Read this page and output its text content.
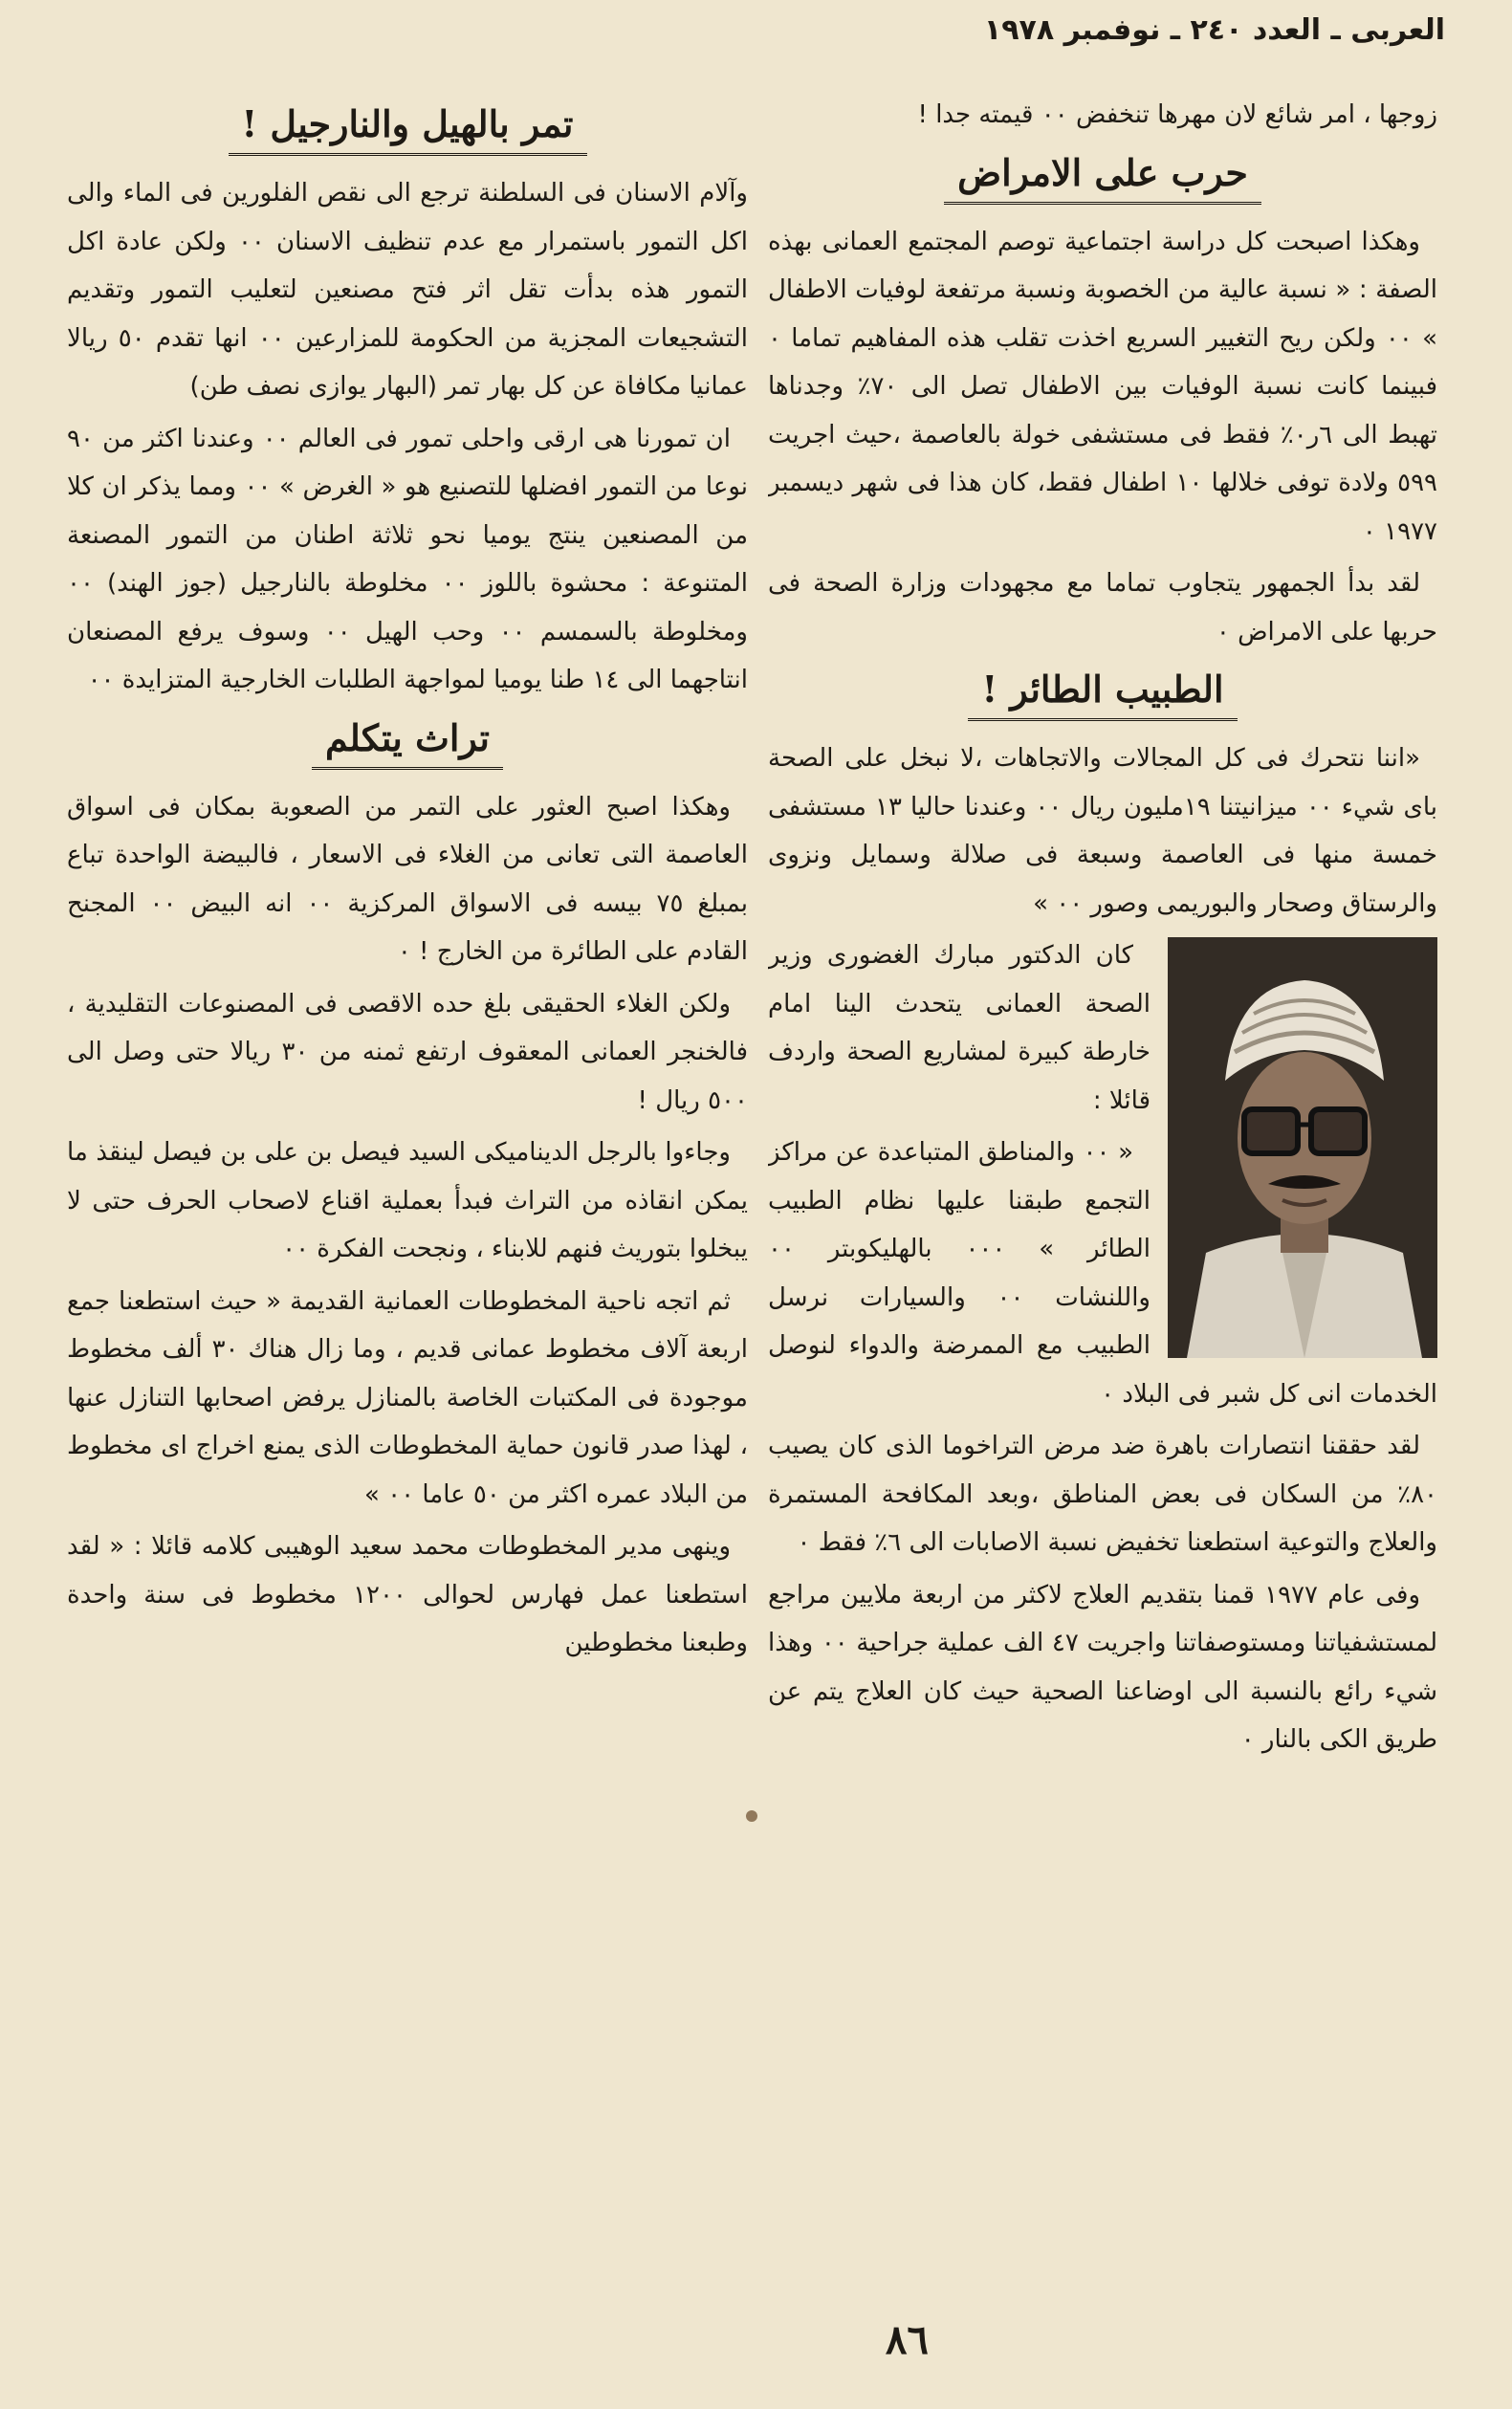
العربى ـ العدد ٢٤٠ ـ نوفمبر ١٩٧٨

زوجها ، امر شائع لان مهرها تنخفض ٠٠ قيمته جدا !

حرب على الامراض

وهكذا اصبحت كل دراسة اجتماعية توصم المجتمع العمانى بهذه الصفة : « نسبة عالية من الخصوبة ونسبة مرتفعة لوفيات الاطفال » ٠٠ ولكن ريح التغيير السريع اخذت تقلب هذه المفاهيم تماما ٠ فبينما كانت نسبة الوفيات بين الاطفال تصل الى ٧٠٪ وجدناها تهبط الى ٦ر٠٪ فقط فى مستشفى خولة بالعاصمة ،حيث اجريت ٥٩٩ ولادة توفى خلالها ١٠ اطفال فقط، كان هذا فى شهر ديسمبر ١٩٧٧ ٠

لقد بدأ الجمهور يتجاوب تماما مع مجهودات وزارة الصحة فى حربها على الامراض ٠

الطبيب الطائر !

«اننا نتحرك فى كل المجالات والاتجاهات ،لا نبخل على الصحة باى شيء ٠٠ ميزانيتنا ١٩مليون ريال ٠٠ وعندنا حاليا ١٣ مستشفى خمسة منها فى العاصمة وسبعة فى صلالة وسمايل ونزوى والرستاق وصحار والبوريمى وصور ٠٠ »

كان الدكتور مبارك الغضورى وزير الصحة العمانى يتحدث الينا امام خارطة كبيرة لمشاريع الصحة واردف قائلا :

« ٠٠ والمناطق المتباعدة عن مراكز التجمع طبقنا عليها نظام الطبيب الطائر » ٠٠٠ بالهليكوبتر ٠٠ واللنشات ٠٠ والسيارات نرسل الطبيب مع الممرضة والدواء لنوصل الخدمات انى كل شبر فى البلاد ٠

لقد حققنا انتصارات باهرة ضد مرض التراخوما الذى كان يصيب ٨٠٪ من السكان فى بعض المناطق ،وبعد المكافحة المستمرة والعلاج والتوعية استطعنا تخفيض نسبة الاصابات الى ٦٪ فقط ٠

وفى عام ١٩٧٧ قمنا بتقديم العلاج لاكثر من اربعة ملايين مراجع لمستشفياتنا ومستوصفاتنا واجريت ٤٧ الف عملية جراحية ٠٠ وهذا شيء رائع بالنسبة الى اوضاعنا الصحية حيث كان العلاج يتم عن طريق الكى بالنار ٠

تمر بالهيل والنارجيل !

وآلام الاسنان فى السلطنة ترجع الى نقص الفلورين فى الماء والى اكل التمور باستمرار مع عدم تنظيف الاسنان ٠٠ ولكن عادة اكل التمور هذه بدأت تقل اثر فتح مصنعين لتعليب التمور وتقديم التشجيعات المجزية من الحكومة للمزارعين ٠٠ انها تقدم ٥٠ ريالا عمانيا مكافاة عن كل بهار تمر (البهار يوازى نصف طن)

ان تمورنا هى ارقى واحلى تمور فى العالم ٠٠ وعندنا اكثر من ٩٠ نوعا من التمور افضلها للتصنيع هو « الغرض » ٠٠ ومما يذكر ان كلا من المصنعين ينتج يوميا نحو ثلاثة اطنان من التمور المصنعة المتنوعة : محشوة باللوز ٠٠ مخلوطة بالنارجيل (جوز الهند) ٠٠ ومخلوطة بالسمسم ٠٠ وحب الهيل ٠٠ وسوف يرفع المصنعان انتاجهما الى ١٤ طنا يوميا لمواجهة الطلبات الخارجية المتزايدة ٠٠

تراث يتكلم

وهكذا اصبح العثور على التمر من الصعوبة بمكان فى اسواق العاصمة التى تعانى من الغلاء فى الاسعار ، فالبيضة الواحدة تباع بمبلغ ٧٥ بيسه فى الاسواق المركزية ٠٠ انه البيض ٠٠ المجنح القادم على الطائرة من الخارج ! ٠

ولكن الغلاء الحقيقى بلغ حده الاقصى فى المصنوعات التقليدية ، فالخنجر العمانى المعقوف ارتفع ثمنه من ٣٠ ريالا حتى وصل الى ٥٠٠ ريال !

وجاءوا بالرجل الديناميكى السيد فيصل بن على بن فيصل لينقذ ما يمكن انقاذه من التراث فبدأ بعملية اقناع لاصحاب الحرف حتى لا يبخلوا بتوريث فنهم للابناء ، ونجحت الفكرة ٠٠

ثم اتجه ناحية المخطوطات العمانية القديمة « حيث استطعنا جمع اربعة آلاف مخطوط عمانى قديم ، وما زال هناك ٣٠ ألف مخطوط موجودة فى المكتبات الخاصة بالمنازل يرفض اصحابها التنازل عنها ، لهذا صدر قانون حماية المخطوطات الذى يمنع اخراج اى مخطوط من البلاد عمره اكثر من ٥٠ عاما ٠٠ »

وينهى مدير المخطوطات محمد سعيد الوهيبى كلامه قائلا : « لقد استطعنا عمل فهارس لحوالى ١٢٠٠ مخطوط فى سنة واحدة وطبعنا مخطوطين

٨٦
